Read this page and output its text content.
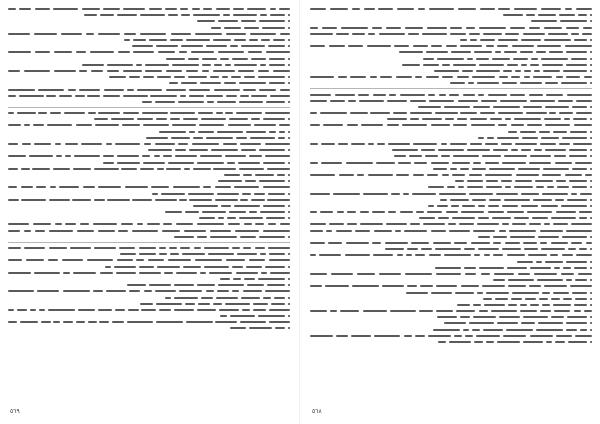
٥٦٩	٥٦٨
